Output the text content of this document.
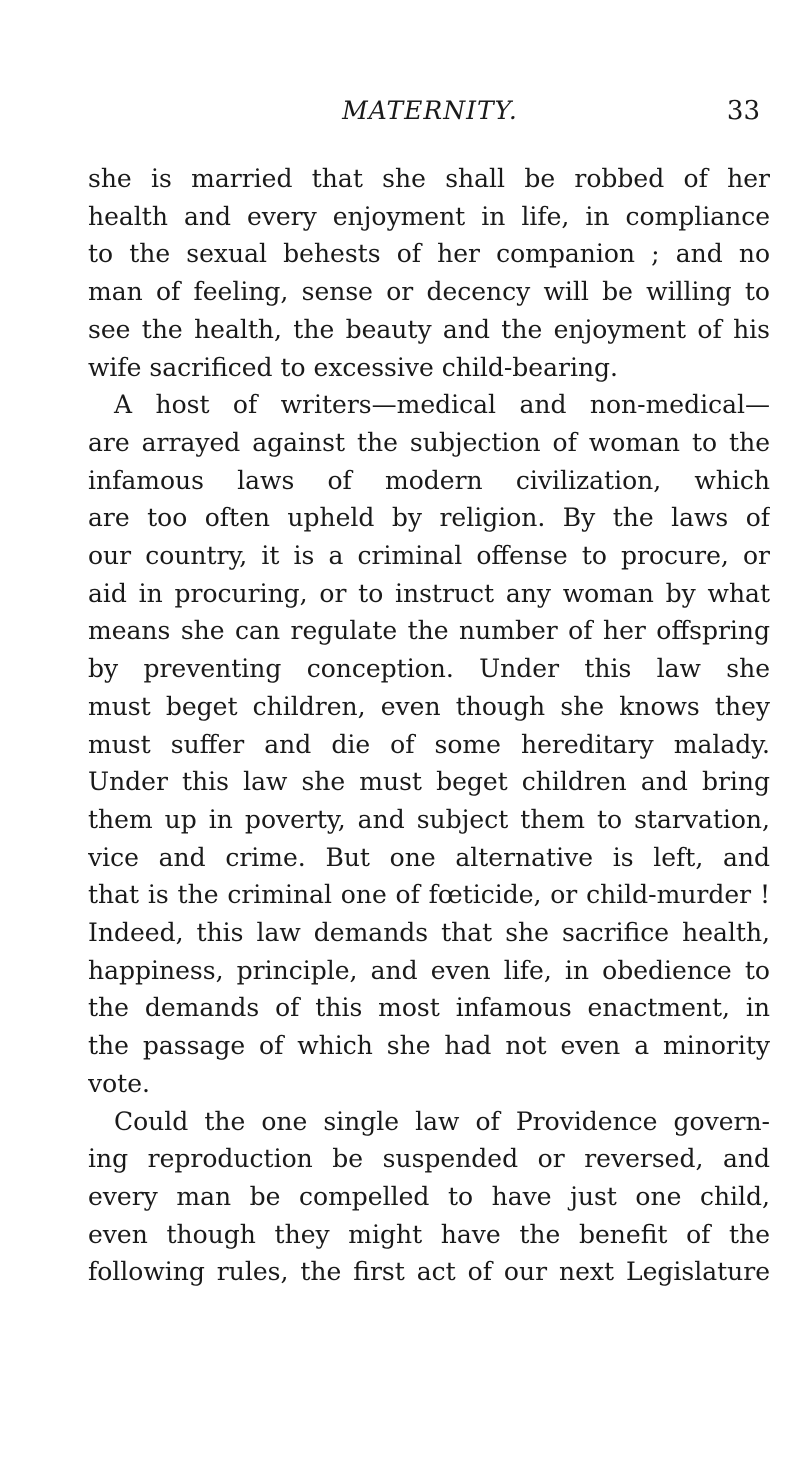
MATERNITY.	33
she is married that she shall be robbed of her
health and every enjoyment in life, in compliance
to the sexual behests of her companion ; and no
man of feeling, sense or decency will be willing to
see the health, the beauty and the enjoyment of his
wife sacrificed to excessive child-bearing.
A host of writers—medical and non-medical—
are arrayed against the subjection of woman to the
infamous laws of modern civilization, which
are too often upheld by religion. By the laws of
our country, it is a criminal offense to procure, or
aid in procuring, or to instruct any woman by what
means she can regulate the number of her offspring
by preventing conception. Under this law she
must beget children, even though she knows they
must suffer and die of some hereditary malady.
Under this law she must beget children and bring
them up in poverty, and subject them to starvation,
vice and crime. But one alternative is left, and
that is the criminal one of fœticide, or child-murder !
Indeed, this law demands that she sacrifice health,
happiness, principle, and even life, in obedience to
the demands of this most infamous enactment, in
the passage of which she had not even a minority
vote.
Could the one single law of Providence govern-
ing reproduction be suspended or reversed, and
every man be compelled to have just one child,
even though they might have the benefit of the
following rules, the first act of our next Legislature
